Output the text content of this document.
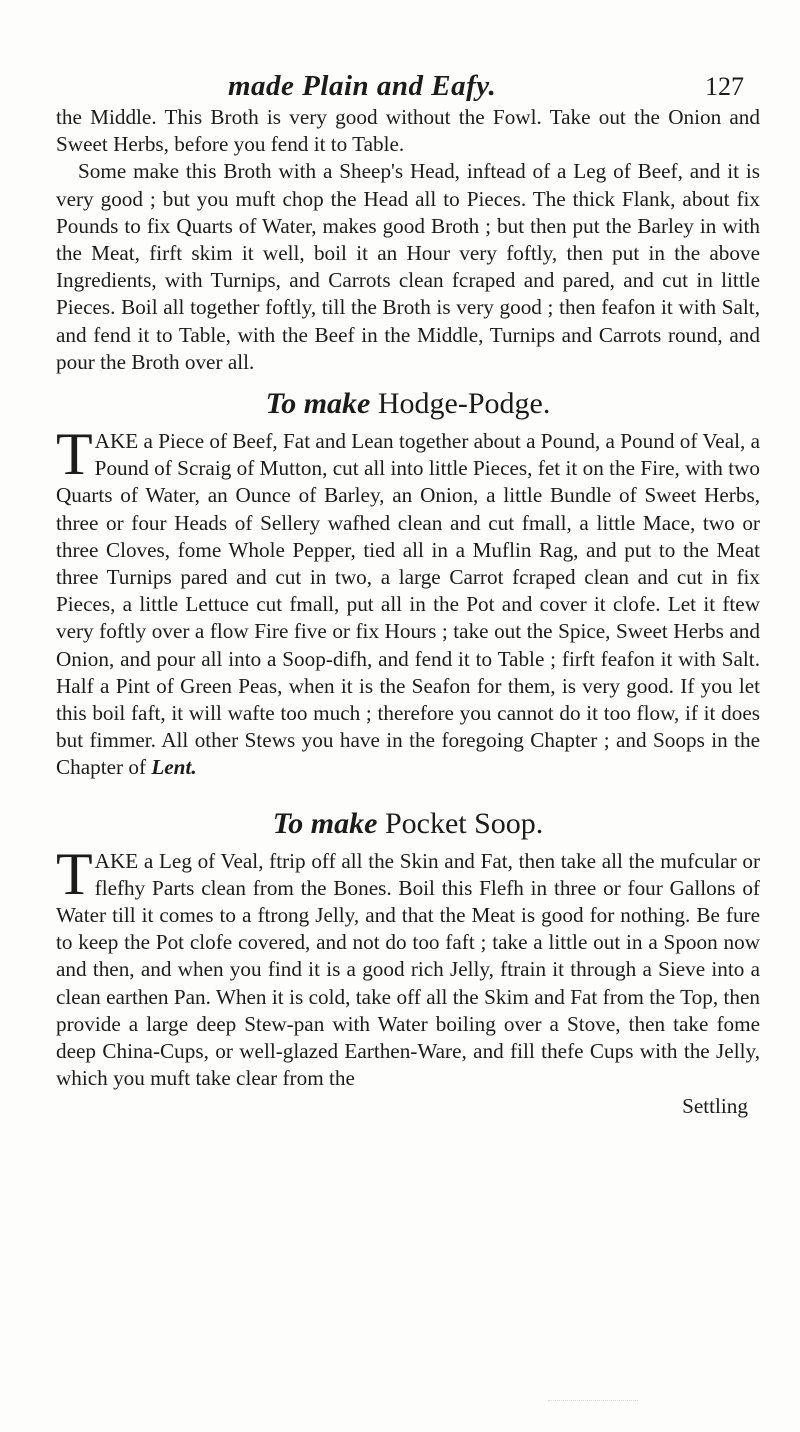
made Plain and Eafy.	127

the Middle. This Broth is very good without the Fowl. Take out the Onion and Sweet Herbs, before you fend it to Table.

Some make this Broth with a Sheep's Head, inftead of a Leg of Beef, and it is very good ; but you muft chop the Head all to Pieces. The thick Flank, about fix Pounds to fix Quarts of Water, makes good Broth ; but then put the Barley in with the Meat, firft skim it well, boil it an Hour very foftly, then put in the above Ingredients, with Turnips, and Carrots clean fcraped and pared, and cut in little Pieces. Boil all together foftly, till the Broth is very good ; then feafon it with Salt, and fend it to Table, with the Beef in the Middle, Turnips and Carrots round, and pour the Broth over all.

To make Hodge-Podge.

TAKE a Piece of Beef, Fat and Lean together about a Pound, a Pound of Veal, a Pound of Scraig of Mutton, cut all into little Pieces, fet it on the Fire, with two Quarts of Water, an Ounce of Barley, an Onion, a little Bundle of Sweet Herbs, three or four Heads of Sellery wafhed clean and cut fmall, a little Mace, two or three Cloves, fome Whole Pepper, tied all in a Muflin Rag, and put to the Meat three Turnips pared and cut in two, a large Carrot fcraped clean and cut in fix Pieces, a little Lettuce cut fmall, put all in the Pot and cover it clofe. Let it ftew very foftly over a flow Fire five or fix Hours ; take out the Spice, Sweet Herbs and Onion, and pour all into a Soop-difh, and fend it to Table ; firft feafon it with Salt. Half a Pint of Green Peas, when it is the Seafon for them, is very good. If you let this boil faft, it will wafte too much ; therefore you cannot do it too flow, if it does but fimmer. All other Stews you have in the foregoing Chapter ; and Soops in the Chapter of Lent.

To make Pocket Soop.

TAKE a Leg of Veal, ftrip off all the Skin and Fat, then take all the mufcular or flefhy Parts clean from the Bones. Boil this Flefh in three or four Gallons of Water till it comes to a ftrong Jelly, and that the Meat is good for nothing. Be fure to keep the Pot clofe covered, and not do too faft ; take a little out in a Spoon now and then, and when you find it is a good rich Jelly, ftrain it through a Sieve into a clean earthen Pan. When it is cold, take off all the Skim and Fat from the Top, then provide a large deep Stew-pan with Water boiling over a Stove, then take fome deep China-Cups, or well-glazed Earthen-Ware, and fill thefe Cups with the Jelly, which you muft take clear from the

Settling
